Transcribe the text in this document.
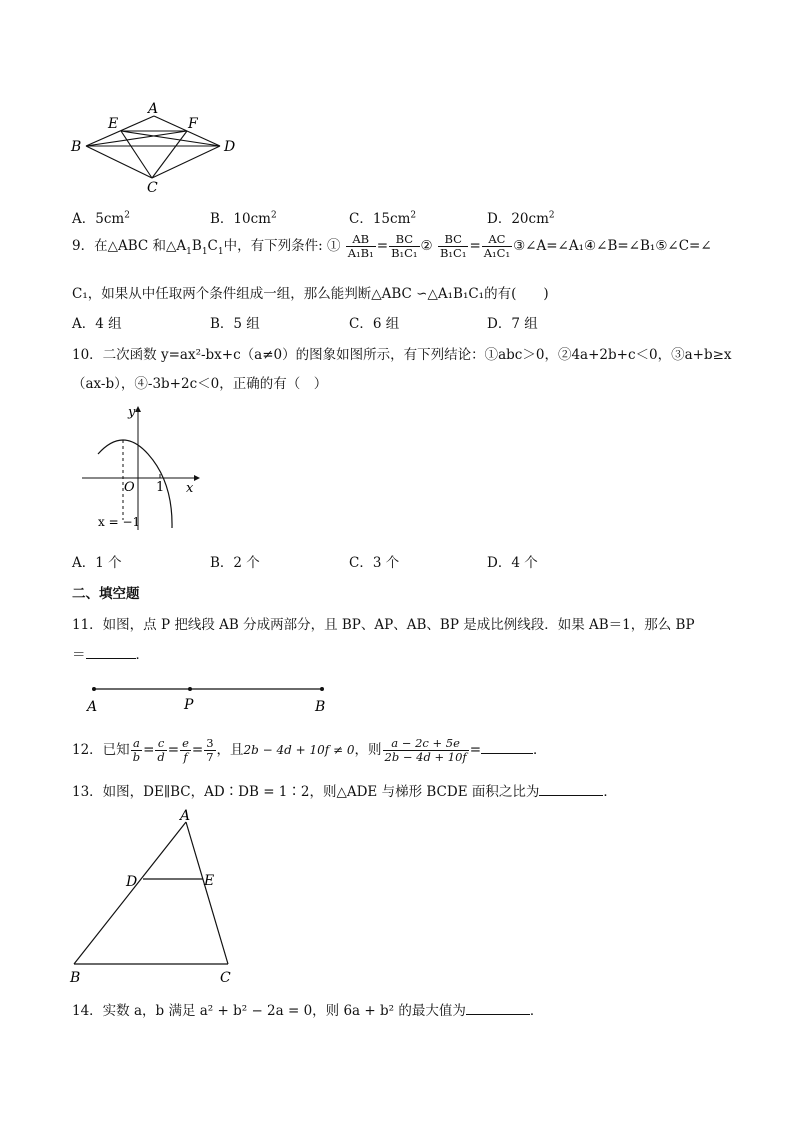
A
E	F
B	D
C
A．$5cm^2$	B．$10cm^2$	C．$15cm^2$	D．$20cm^2$
9．在△ABC 和$\triangle A_1B_1C_1$中，有下列条件: ① $\frac{AB}{\text{A₁B₁}} = \frac{BC}{\text{B₁C₁}}$ ② $\frac{BC}{\text{B₁C₁}} = \frac{AC}{\text{A₁C₁}}$ ③∠A=∠A₁④∠B=∠B₁⑤∠C=∠
C₁，如果从中任取两个条件组成一组，那么能判断△ABC ∽△A₁B₁C₁的有(　　)
A．4 组	B．5 组	C．6 组	D．7 组
10．二次函数 y=ax²-bx+c（a≠0）的图象如图所示，有下列结论：①abc＞0，②4a+2b+c＜0，③a+b≥x
（ax-b），④-3b+2c＜0，正确的有（　）
y
x
O 1
x = −1
A．1 个	B．2 个	C．3 个	D．4 个
二、填空题
11．如图，点 P 把线段 AB 分成两部分，且 BP、AP、AB、BP 是成比例线段．如果 AB＝1，那么 BP
＝	．
A	P	B
12．已知 $\frac{a}{b} = \frac{c}{d} = \frac{e}{f} = \frac{3}{7}$ ，且2b − 4d + 10f ≠ 0，则 $\frac{a - 2c + 5e}{2b - 4d + 10f}$ =	．
13．如图，DE∥BC，AD∶DB = 1∶2，则△ADE 与梯形 BCDE 面积之比为	．
A
D	E
B	C
14．实数 a，b 满足 a² + b² − 2a = 0，则 6a + b² 的最大值为	．
